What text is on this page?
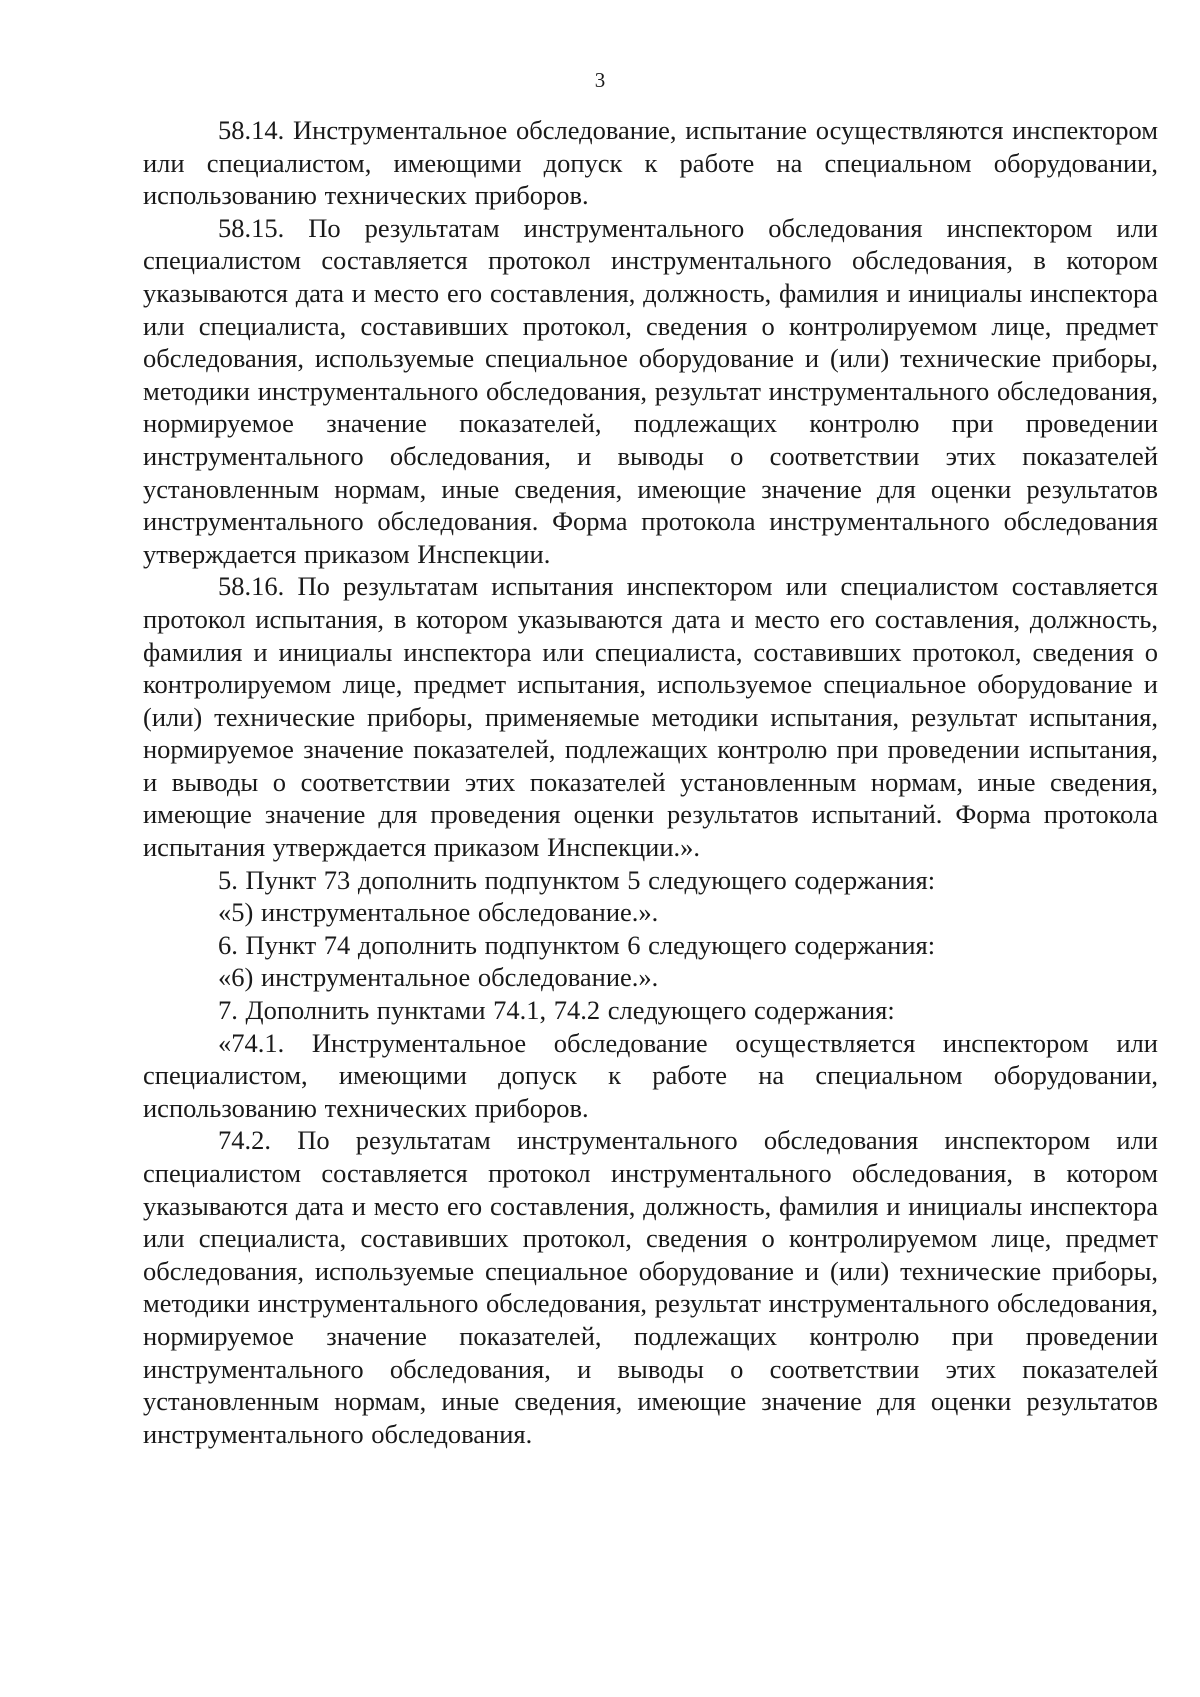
3

58.14. Инструментальное обследование, испытание осуществляются инспектором или специалистом, имеющими допуск к работе на специальном оборудовании, использованию технических приборов.

58.15. По результатам инструментального обследования инспектором или специалистом составляется протокол инструментального обследования, в котором указываются дата и место его составления, должность, фамилия и инициалы инспектора или специалиста, составивших протокол, сведения о контролируемом лице, предмет обследования, используемые специальное оборудование и (или) технические приборы, методики инструментального обследования, результат инструментального обследования, нормируемое значение показателей, подлежащих контролю при проведении инструментального обследования, и выводы о соответствии этих показателей установленным нормам, иные сведения, имеющие значение для оценки результатов инструментального обследования. Форма протокола инструментального обследования утверждается приказом Инспекции.

58.16. По результатам испытания инспектором или специалистом составляется протокол испытания, в котором указываются дата и место его составления, должность, фамилия и инициалы инспектора или специалиста, составивших протокол, сведения о контролируемом лице, предмет испытания, используемое специальное оборудование и (или) технические приборы, применяемые методики испытания, результат испытания, нормируемое значение показателей, подлежащих контролю при проведении испытания, и выводы о соответствии этих показателей установленным нормам, иные сведения, имеющие значение для проведения оценки результатов испытаний. Форма протокола испытания утверждается приказом Инспекции.».

5. Пункт 73 дополнить подпунктом 5 следующего содержания:

«5) инструментальное обследование.».

6. Пункт 74 дополнить подпунктом 6 следующего содержания:

«6) инструментальное обследование.».

7. Дополнить пунктами 74.1, 74.2 следующего содержания:

«74.1. Инструментальное обследование осуществляется инспектором или специалистом, имеющими допуск к работе на специальном оборудовании, использованию технических приборов.

74.2. По результатам инструментального обследования инспектором или специалистом составляется протокол инструментального обследования, в котором указываются дата и место его составления, должность, фамилия и инициалы инспектора или специалиста, составивших протокол, сведения о контролируемом лице, предмет обследования, используемые специальное оборудование и (или) технические приборы, методики инструментального обследования, результат инструментального обследования, нормируемое значение показателей, подлежащих контролю при проведении инструментального обследования, и выводы о соответствии этих показателей установленным нормам, иные сведения, имеющие значение для оценки результатов инструментального обследования.
